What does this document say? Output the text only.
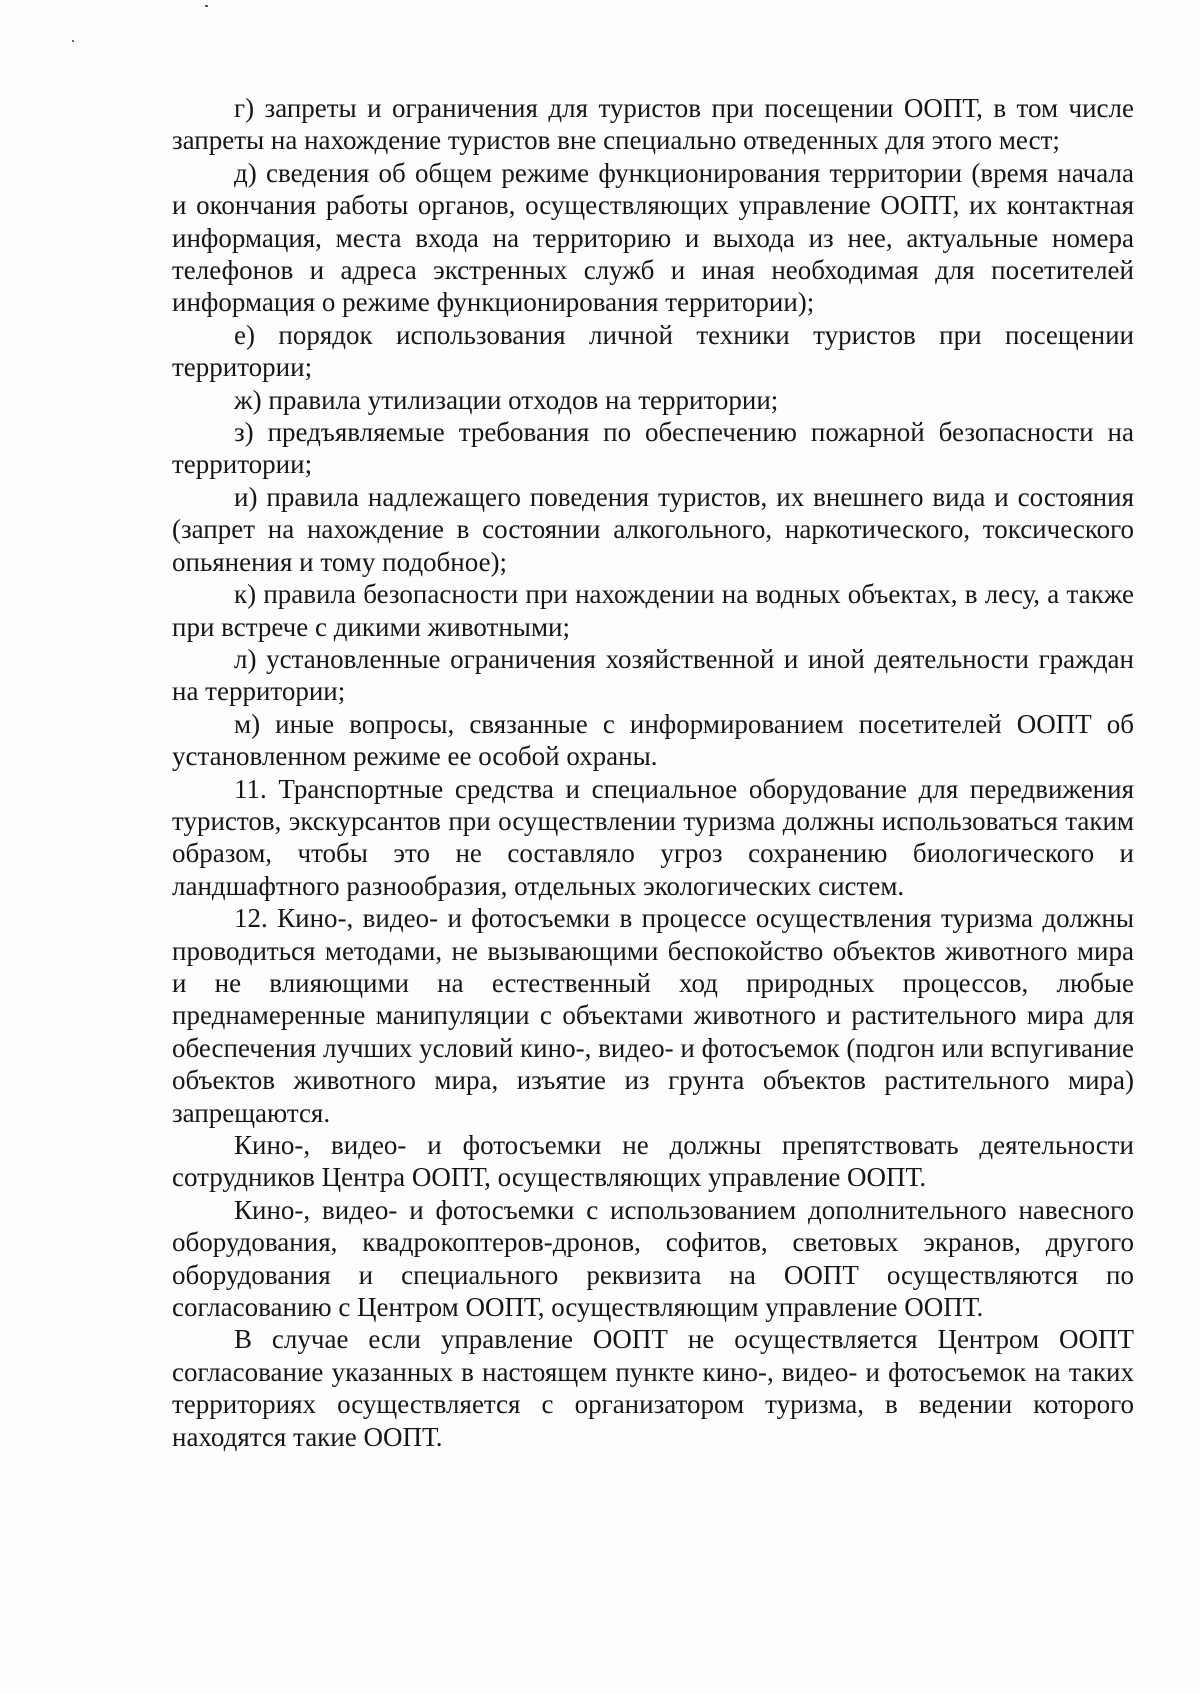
г) запреты и ограничения для туристов при посещении ООПТ, в том числе запреты на нахождение туристов вне специально отведенных для этого мест;

д) сведения об общем режиме функционирования территории (время начала и окончания работы органов, осуществляющих управление ООПТ, их контактная информация, места входа на территорию и выхода из нее, актуальные номера телефонов и адреса экстренных служб и иная необходимая для посетителей информация о режиме функционирования территории);

е) порядок использования личной техники туристов при посещении территории;

ж) правила утилизации отходов на территории;

з) предъявляемые требования по обеспечению пожарной безопасности на территории;

и) правила надлежащего поведения туристов, их внешнего вида и состояния (запрет на нахождение в состоянии алкогольного, наркотического, токсического опьянения и тому подобное);

к) правила безопасности при нахождении на водных объектах, в лесу, а также при встрече с дикими животными;

л) установленные ограничения хозяйственной и иной деятельности граждан на территории;

м) иные вопросы, связанные с информированием посетителей ООПТ об установленном режиме ее особой охраны.

11. Транспортные средства и специальное оборудование для передвижения туристов, экскурсантов при осуществлении туризма должны использоваться таким образом, чтобы это не составляло угроз сохранению биологического и ландшафтного разнообразия, отдельных экологических систем.

12. Кино-, видео- и фотосъемки в процессе осуществления туризма должны проводиться методами, не вызывающими беспокойство объектов животного мира и не влияющими на естественный ход природных процессов, любые преднамеренные манипуляции с объектами животного и растительного мира для обеспечения лучших условий кино-, видео- и фотосъемок (подгон или вспугивание объектов животного мира, изъятие из грунта объектов растительного мира) запрещаются.

Кино-, видео- и фотосъемки не должны препятствовать деятельности сотрудников Центра ООПТ, осуществляющих управление ООПТ.

Кино-, видео- и фотосъемки с использованием дополнительного навесного оборудования, квадрокоптеров-дронов, софитов, световых экранов, другого оборудования и специального реквизита на ООПТ осуществляются по согласованию с Центром ООПТ, осуществляющим управление ООПТ.

В случае если управление ООПТ не осуществляется Центром ООПТ согласование указанных в настоящем пункте кино-, видео- и фотосъемок на таких территориях осуществляется с организатором туризма, в ведении которого находятся такие ООПТ.
